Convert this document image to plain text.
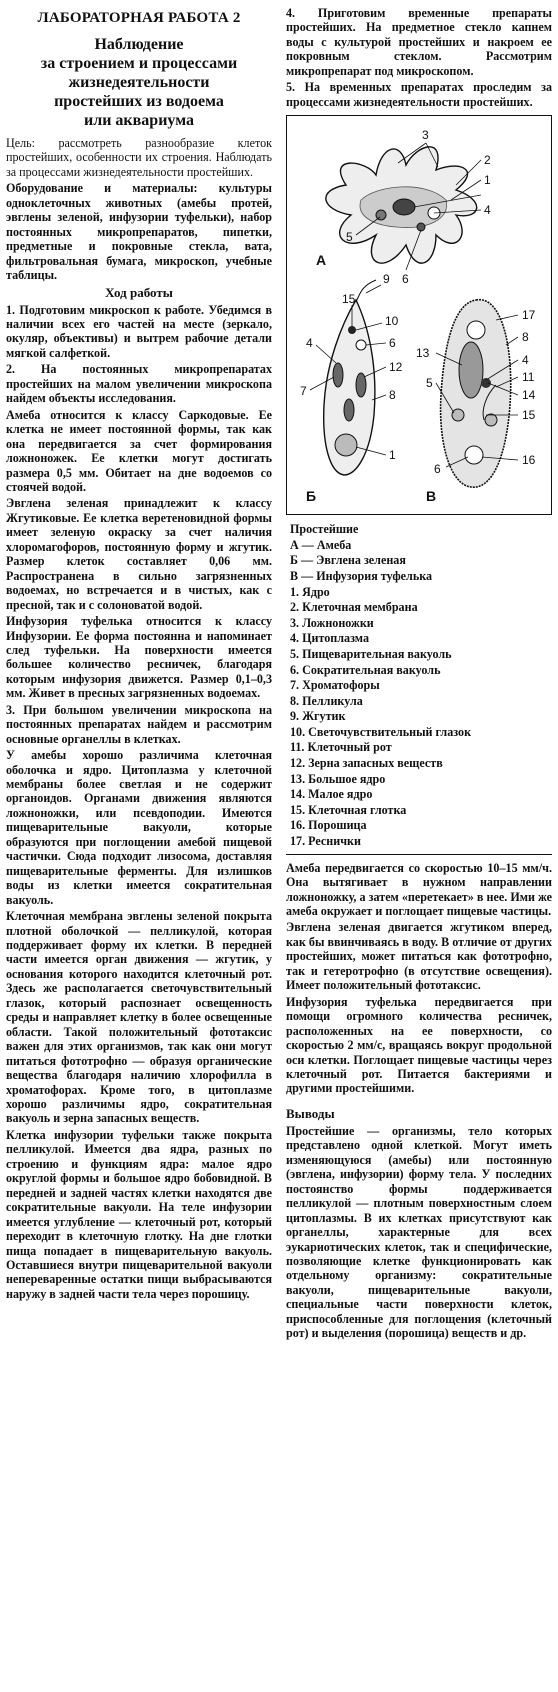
ЛАБОРАТОРНАЯ РАБОТА 2
Наблюдение
за строением и процессами
жизнедеятельности
простейших из водоема
или аквариума

Цель: рассмотреть разнообразие клеток простейших, особенности их строения. Наблюдать за процессами жизнедеятельности простейших.

Оборудование и материалы: культуры одноклеточных животных (амебы протей, эвглены зеленой, инфузории туфельки), набор постоянных микропрепаратов, пипетки, предметные и покровные стекла, вата, фильтровальная бумага, микроскоп, учебные таблицы.

Ход работы

1. Подготовим микроскоп к работе. Убедимся в наличии всех его частей на месте (зеркало, окуляр, объективы) и вытрем рабочие детали мягкой салфеткой.

2. На постоянных микропрепаратах простейших на малом увеличении микроскопа найдем объекты исследования.

Амеба относится к классу Саркодовые. Ее клетка не имеет постоянной формы, так как она передвигается за счет формирования ложноножек. Ее клетки могут достигать размера 0,5 мм. Обитает на дне водоемов со стоячей водой.

Эвглена зеленая принадлежит к классу Жгутиковые. Ее клетка веретеновидной формы имеет зеленую окраску за счет наличия хлоромагофоров, постоянную форму и жгутик. Размер клеток составляет 0,06 мм. Распространена в сильно загрязненных водоемах, но встречается и в чистых, как с пресной, так и с солоноватой водой.

Инфузория туфелька относится к классу Инфузории. Ее форма постоянна и напоминает след туфельки. На поверхности имеется большее количество ресничек, благодаря которым инфузория движется. Размер 0,1–0,3 мм. Живет в пресных загрязненных водоемах.

3. При большом увеличении микроскопа на постоянных препаратах найдем и рассмотрим основные органеллы в клетках.

У амебы хорошо различима клеточная оболочка и ядро. Цитоплазма у клеточной мембраны более светлая и не содержит органоидов. Органами движения являются ложноножки, или псевдоподии. Имеются пищеварительные вакуоли, которые образуются при поглощении амебой пищевой частички. Сюда подходит лизосома, доставляя пищеварительные ферменты. Для излишков воды из клетки имеется сократительная вакуоль.

Клеточная мембрана эвглены зеленой покрыта плотной оболочкой — пелликулой, которая поддерживает форму их клетки. В передней части имеется орган движения — жгутик, у основания которого находится клеточный рот. Здесь же располагается светочувствительный глазок, который распознает освещенность среды и направляет клетку в более освещенные области. Такой положительный фототаксис важен для этих организмов, так как они могут питаться фототрофно — образуя органические вещества благодаря наличию хлорофилла в хроматофорах. Кроме того, в цитоплазме хорошо различимы ядро, сократительная вакуоль и зерна запасных веществ.

Клетка инфузории туфельки также покрыта пелликулой. Имеется два ядра, разных по строению и функциям ядра: малое ядро округлой формы и большое ядро бобовидной. В передней и задней частях клетки находятся две сократительные вакуоли. На теле инфузории имеется углубление — клеточный рот, который переходит в клеточную глотку. На дне глотки пища попадает в пищеварительную вакуоль. Оставшиеся внутри пищеварительной вакуоли непереваренные остатки пищи выбрасываются наружу в задней части тела через порошицу.

4. Приготовим временные препараты простейших. На предметное стекло капнем воды с культурой простейших и накроем ее покровным стеклом. Рассмотрим микропрепарат под микроскопом.

5. На временных препаратах проследим за процессами жизнедеятельности простейших.

3
2
1
4
5
6
А
9
15
10
6
4
12
7	8
1
Б
17
8
13	4
11
5
14
15
6
16
В
Простейшие
А — Амеба
Б — Эвглена зеленая
В — Инфузория туфелька
1. Ядро
2. Клеточная мембрана
3. Ложноножки
4. Цитоплазма
5. Пищеварительная вакуоль
6. Сократительная вакуоль
7. Хроматофоры
8. Пелликула
9. Жгутик
10. Светочувствительный глазок
11. Клеточный рот
12. Зерна запасных веществ
13. Большое ядро
14. Малое ядро
15. Клеточная глотка
16. Порошица
17. Реснички

Амеба передвигается со скоростью 10–15 мм/ч. Она вытягивает в нужном направлении ложноножку, а затем «перетекает» в нее. Ими же амеба окружает и поглощает пищевые частицы.

Эвглена зеленая двигается жгутиком вперед, как бы ввинчиваясь в воду. В отличие от других простейших, может питаться как фототрофно, так и гетеротрофно (в отсутствие освещения). Имеет положительный фототаксис.

Инфузория туфелька передвигается при помощи огромного количества ресничек, расположенных на ее поверхности, со скоростью 2 мм/с, вращаясь вокруг продольной оси клетки. Поглощает пищевые частицы через клеточный рот. Питается бактериями и другими простейшими.

Выводы

Простейшие — организмы, тело которых представлено одной клеткой. Могут иметь изменяющуюся (амебы) или постоянную (эвглена, инфузории) форму тела. У последних постоянство формы поддерживается пелликулой — плотным поверхностным слоем цитоплазмы. В их клетках присутствуют как органеллы, характерные для всех эукариотических клеток, так и специфические, позволяющие клетке функционировать как отдельному организму: сократительные вакуоли, пищеварительные вакуоли, специальные части поверхности клеток, приспособленные для поглощения (клеточный рот) и выделения (порошица) веществ и др.
